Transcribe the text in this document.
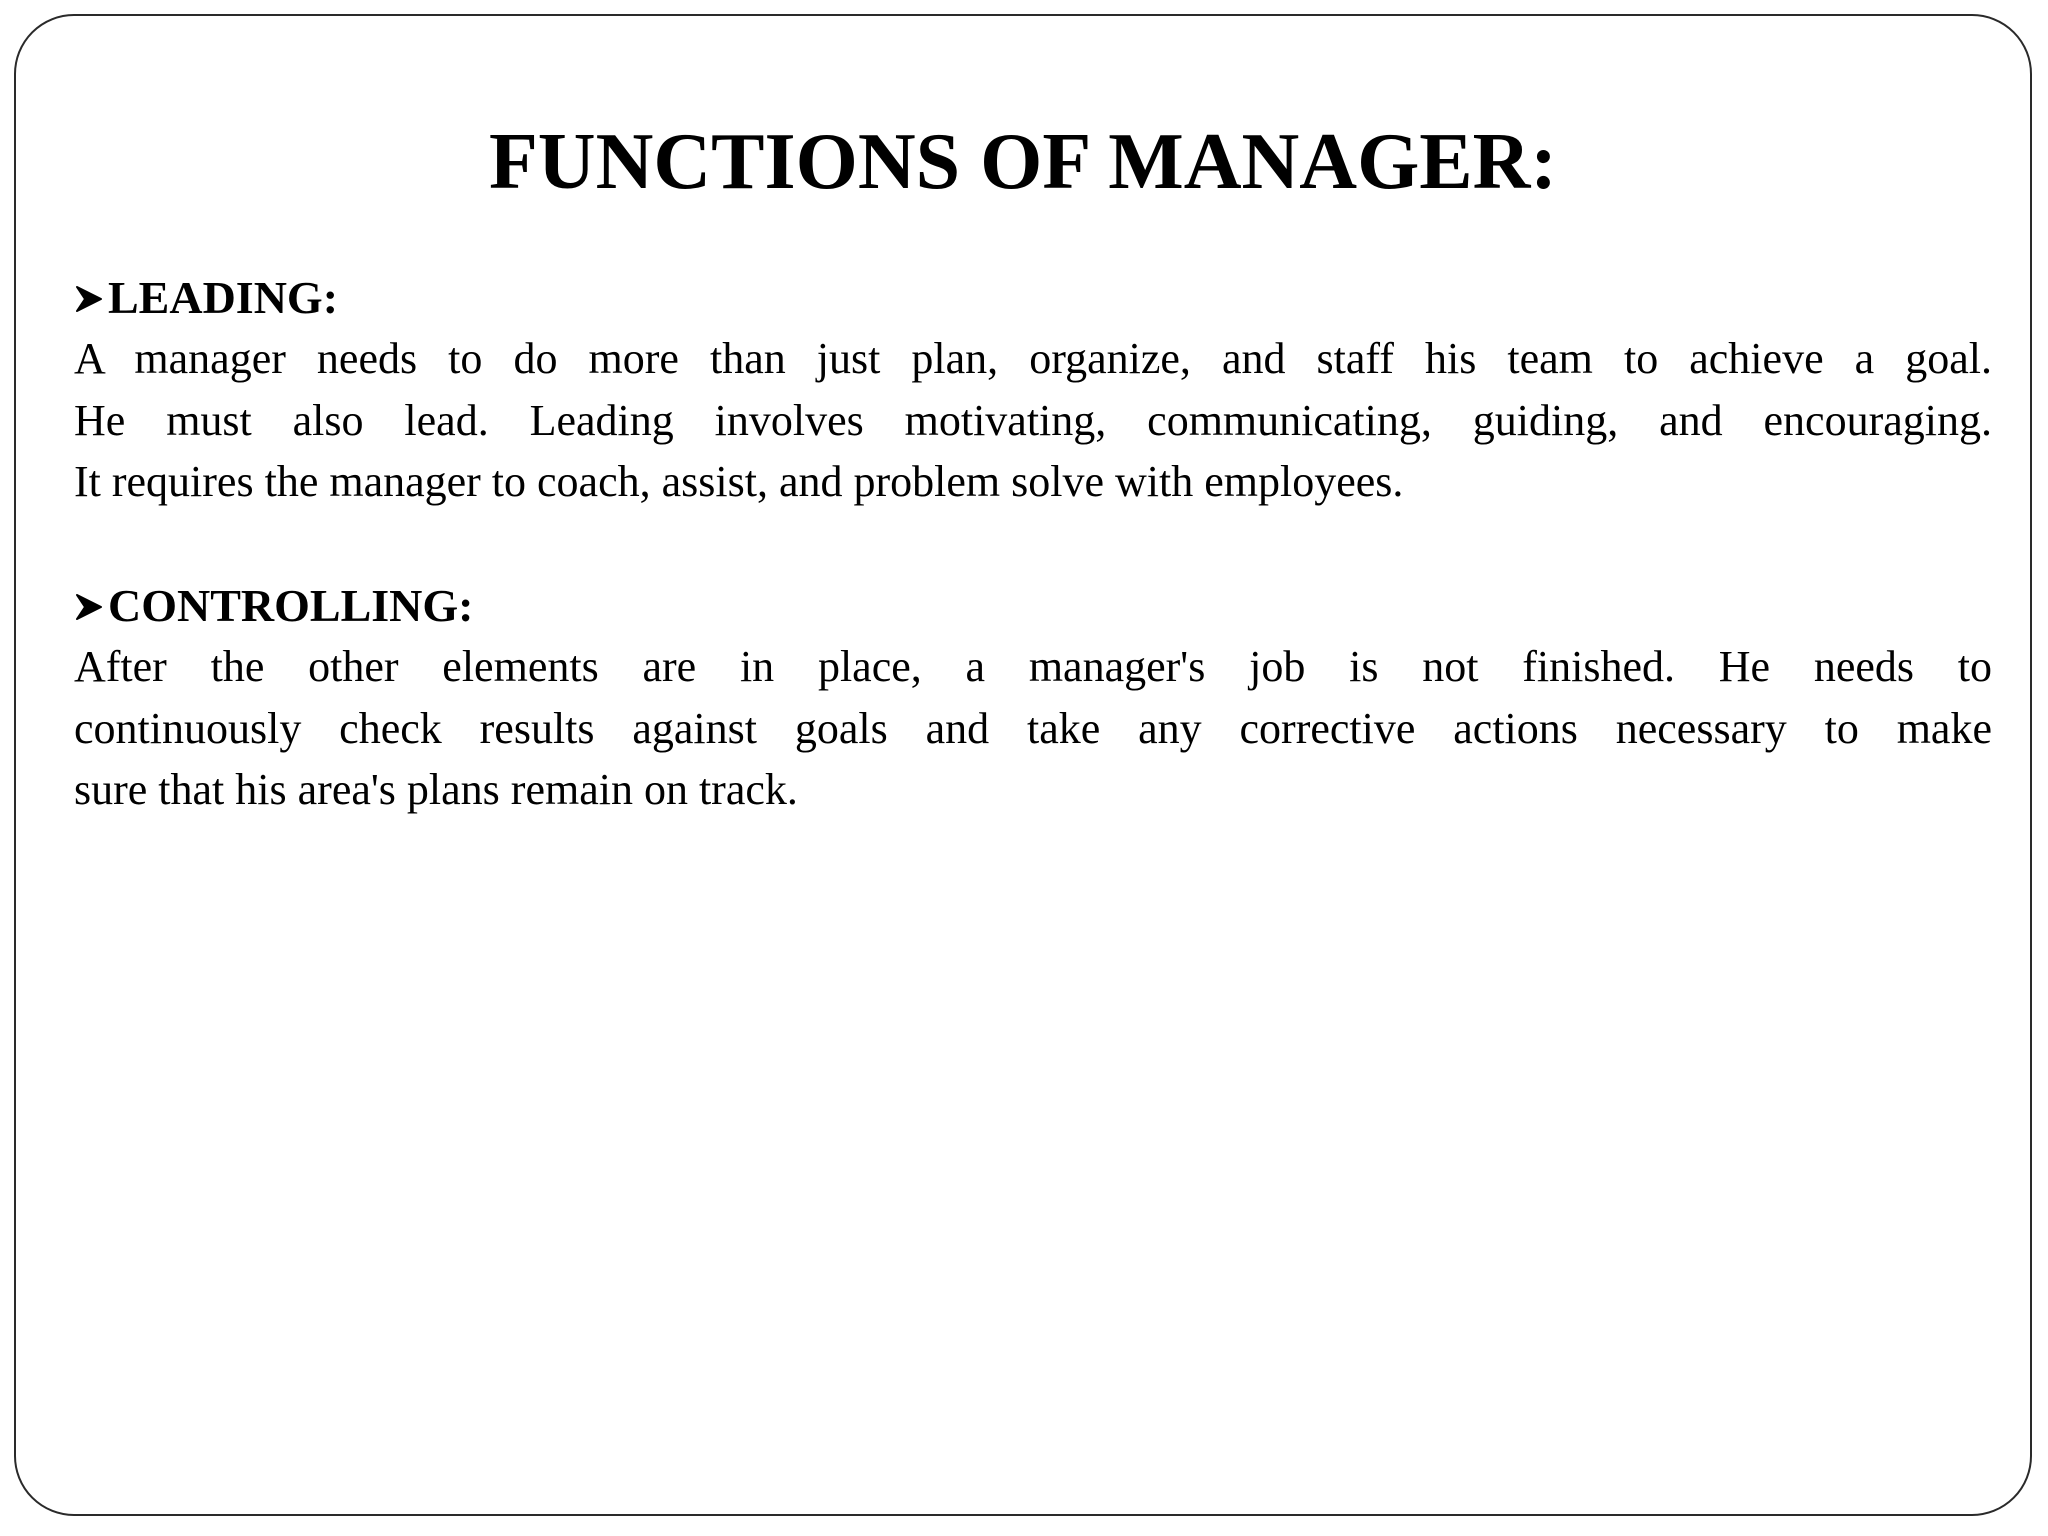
FUNCTIONS OF MANAGER:
LEADING:
A manager needs to do more than just plan, organize, and staff his team to achieve a goal.
He must also lead. Leading involves motivating, communicating, guiding, and encouraging.
It requires the manager to coach, assist, and problem solve with employees.
CONTROLLING:
After the other elements are in place, a manager's job is not finished. He needs to
continuously check results against goals and take any corrective actions necessary to make
sure that his area's plans remain on track.
